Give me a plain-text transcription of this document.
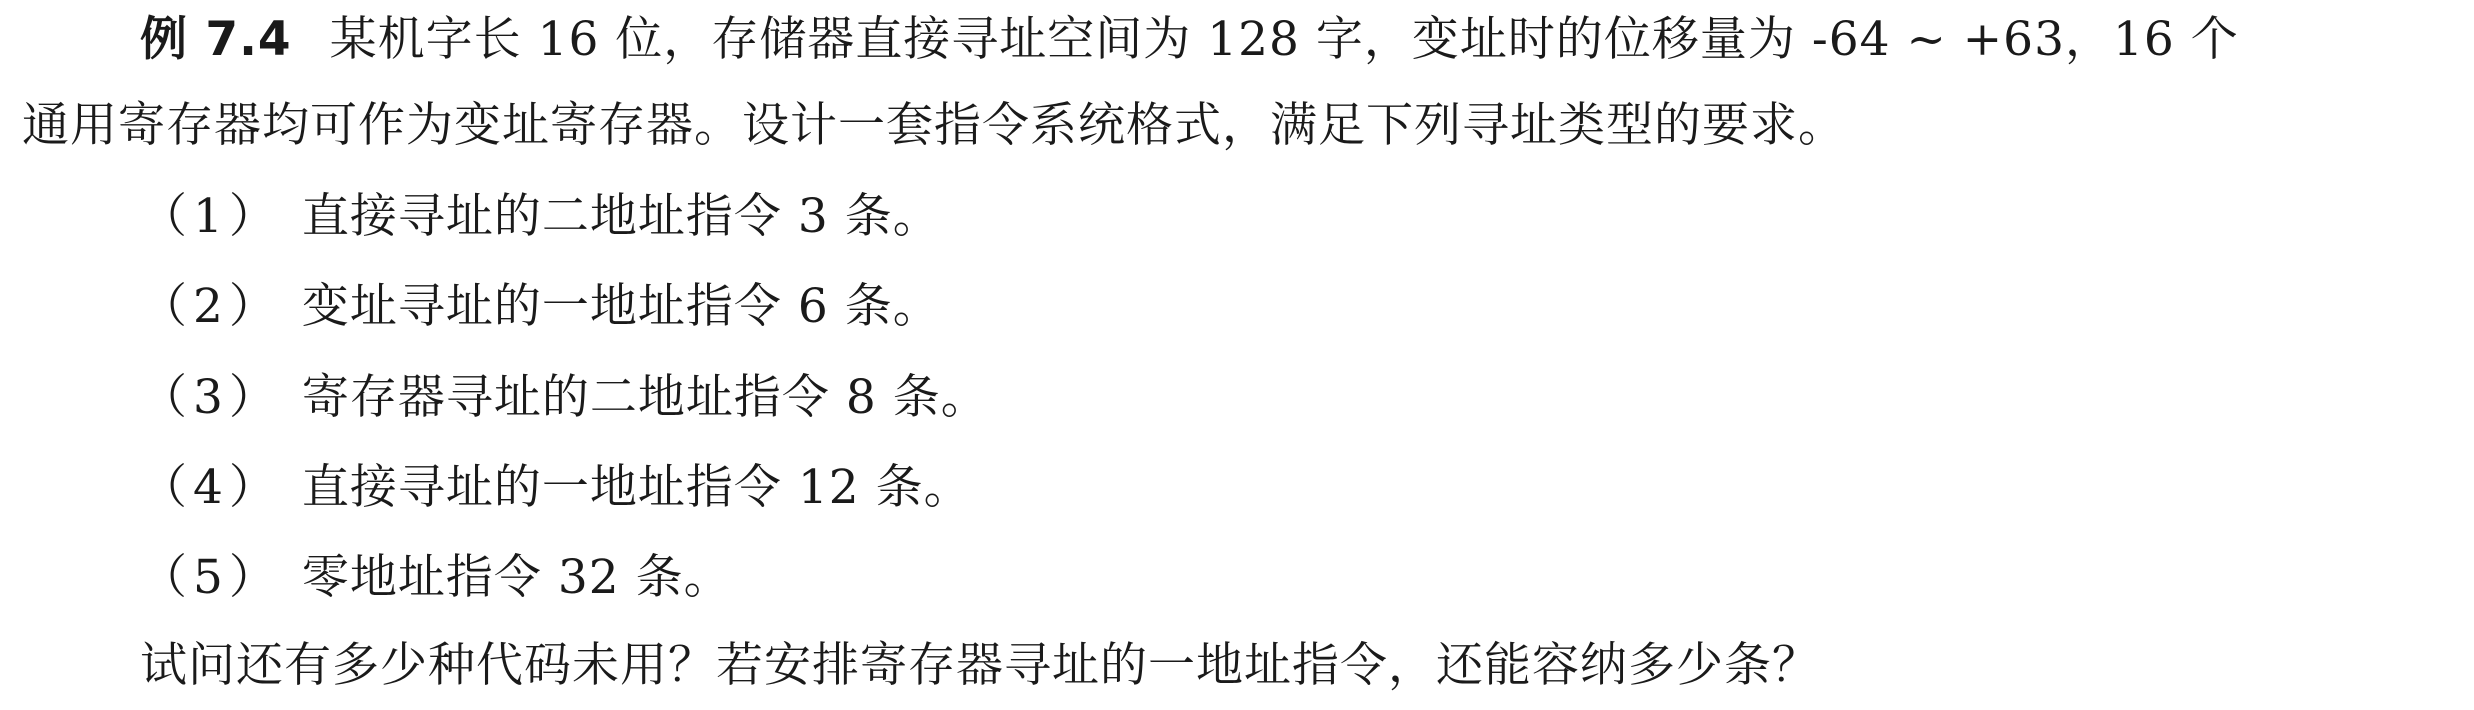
例 7.4 某机字长 16 位，存储器直接寻址空间为 128 字，变址时的位移量为 -64 ~ +63，16 个
通用寄存器均可作为变址寄存器。设计一套指令系统格式，满足下列寻址类型的要求。
（1） 直接寻址的二地址指令 3 条。
（2） 变址寻址的一地址指令 6 条。
（3） 寄存器寻址的二地址指令 8 条。
（4） 直接寻址的一地址指令 12 条。
（5） 零地址指令 32 条。
试问还有多少种代码未用？若安排寄存器寻址的一地址指令，还能容纳多少条？
